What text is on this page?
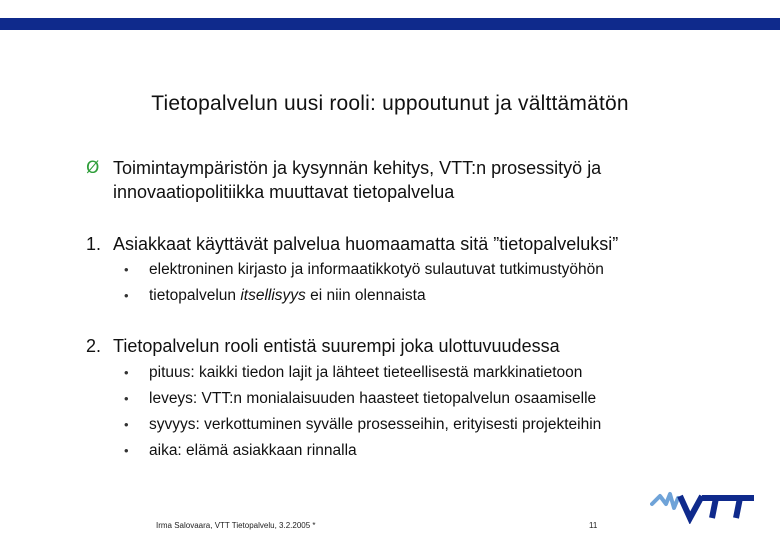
Tietopalvelun uusi rooli: uppoutunut ja välttämätön
Ø Toimintaympäristön ja kysynnän kehitys, VTT:n prosessityö ja
innovaatiopolitiikka muuttavat tietopalvelua
1. Asiakkaat käyttävät palvelua huomaamatta sitä ”tietopalveluksi”
• elektroninen kirjasto ja informaatikkotyö sulautuvat tutkimustyöhön
• tietopalvelun itsellisyys ei niin olennaista
2. Tietopalvelun rooli entistä suurempi joka ulottuvuudessa
• pituus: kaikki tiedon lajit ja lähteet tieteellisestä markkinatietoon
• leveys: VTT:n monialaisuuden haasteet tietopalvelun osaamiselle
• syvyys: verkottuminen syvälle prosesseihin, erityisesti projekteihin
• aika: elämä asiakkaan rinnalla
Irma Salovaara, VTT Tietopalvelu, 3.2.2005 *	11
